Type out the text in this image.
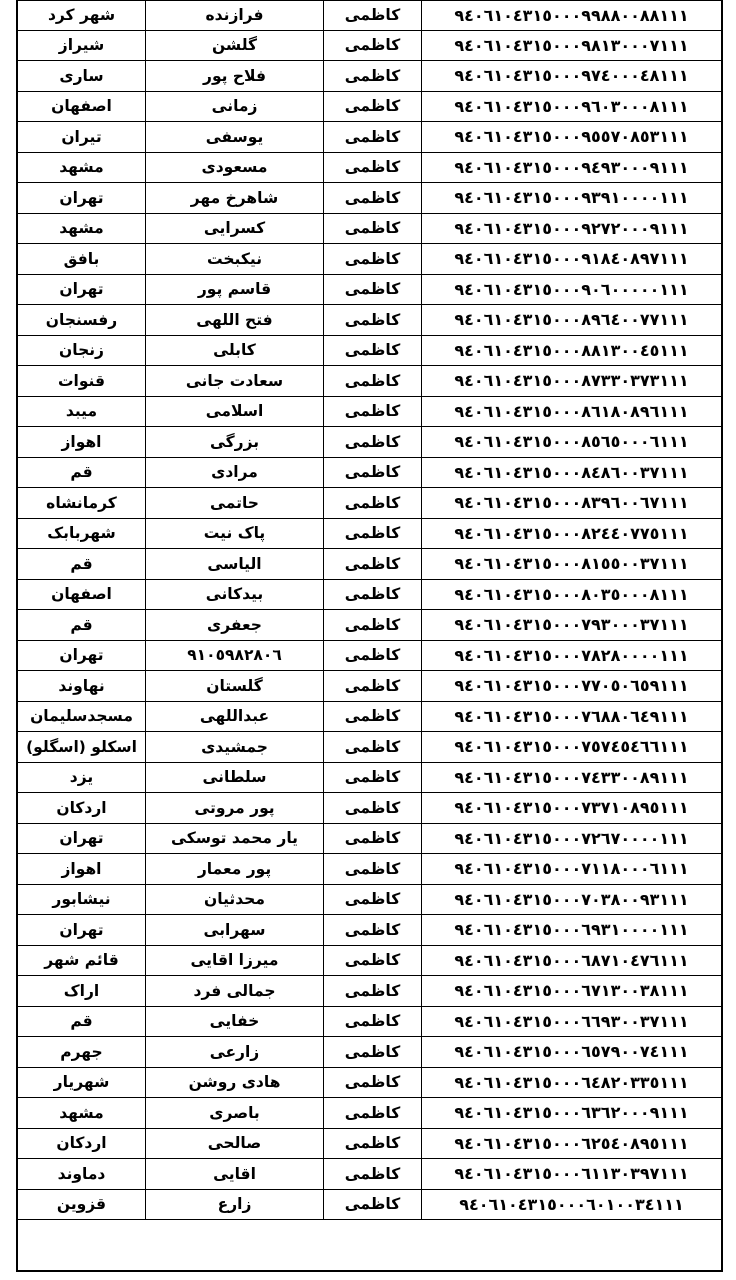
شهر کرد	فرازنده	کاظمی	۹٤۰٦۱۰٤۳۱٥۰۰۰۹۹۸۸۰۰۸۸۱۱۱
شیراز	گلشن	کاظمی	۹٤۰٦۱۰٤۳۱٥۰۰۰۹۸۱۳۰۰۰۷۱۱۱
ساری	فلاح پور	کاظمی	۹٤۰٦۱۰٤۳۱٥۰۰۰۹۷٤۰۰۰٤۸۱۱۱
اصفهان	زمانی	کاظمی	۹٤۰٦۱۰٤۳۱٥۰۰۰۹٦۰۳۰۰۰۸۱۱۱
تیران	یوسفی	کاظمی	۹٤۰٦۱۰٤۳۱٥۰۰۰۹٥٥۷۰۸٥۳۱۱۱
مشهد	مسعودی	کاظمی	۹٤۰٦۱۰٤۳۱٥۰۰۰۹٤۹۳۰۰۰۹۱۱۱
تهران	شاهرخ مهر	کاظمی	۹٤۰٦۱۰٤۳۱٥۰۰۰۹۳۹۱۰۰۰۰۱۱۱
مشهد	کسرایی	کاظمی	۹٤۰٦۱۰٤۳۱٥۰۰۰۹۲۷۲۰۰۰۹۱۱۱
بافق	نیکبخت	کاظمی	۹٤۰٦۱۰٤۳۱٥۰۰۰۹۱۸٤۰۸۹۷۱۱۱
تهران	قاسم پور	کاظمی	۹٤۰٦۱۰٤۳۱٥۰۰۰۹۰٦۰۰۰۰۰۱۱۱
رفسنجان	فتح اللهی	کاظمی	۹٤۰٦۱۰٤۳۱٥۰۰۰۸۹٦٤۰۰۷۷۱۱۱
زنجان	کابلی	کاظمی	۹٤۰٦۱۰٤۳۱٥۰۰۰۸۸۱۳۰۰٤٥۱۱۱
قنوات	سعادت جانی	کاظمی	۹٤۰٦۱۰٤۳۱٥۰۰۰۸۷۳۳۰۳۷۳۱۱۱
میبد	اسلامی	کاظمی	۹٤۰٦۱۰٤۳۱٥۰۰۰۸٦۱۸۰۸۹٦۱۱۱
اهواز	بزرگی	کاظمی	۹٤۰٦۱۰٤۳۱٥۰۰۰۸٥٦٥۰۰۰٦۱۱۱
قم	مرادی	کاظمی	۹٤۰٦۱۰٤۳۱٥۰۰۰۸٤۸٦۰۰۳۷۱۱۱
کرمانشاه	حاتمی	کاظمی	۹٤۰٦۱۰٤۳۱٥۰۰۰۸۳۹٦۰۰٦۷۱۱۱
شهربابک	پاک نیت	کاظمی	۹٤۰٦۱۰٤۳۱٥۰۰۰۸۲٤٤۰۷۷٥۱۱۱
قم	الیاسی	کاظمی	۹٤۰٦۱۰٤۳۱٥۰۰۰۸۱٥٥۰۰۳۷۱۱۱
اصفهان	بیدکانی	کاظمی	۹٤۰٦۱۰٤۳۱٥۰۰۰۸۰۳٥۰۰۰۸۱۱۱
قم	جعفری	کاظمی	۹٤۰٦۱۰٤۳۱٥۰۰۰۷۹۳۰۰۰۳۷۱۱۱
تهران	۹۱۰٥۹۸۲۸۰٦	کاظمی	۹٤۰٦۱۰٤۳۱٥۰۰۰۷۸۲۸۰۰۰۰۱۱۱
نهاوند	گلستان	کاظمی	۹٤۰٦۱۰٤۳۱٥۰۰۰۷۷۰٥۰٦٥۹۱۱۱
مسجدسلیمان	عبداللهی	کاظمی	۹٤۰٦۱۰٤۳۱٥۰۰۰۷٦۸۸۰٦٤۹۱۱۱
اسکلو (اسگلو)	جمشیدی	کاظمی	۹٤۰٦۱۰٤۳۱٥۰۰۰۷٥۷٤٥٤٦٦۱۱۱
یزد	سلطانی	کاظمی	۹٤۰٦۱۰٤۳۱٥۰۰۰۷٤۳۳۰۰۸۹۱۱۱
اردکان	پور مروتی	کاظمی	۹٤۰٦۱۰٤۳۱٥۰۰۰۷۳۷۱۰۸۹٥۱۱۱
تهران	یار محمد توسکی	کاظمی	۹٤۰٦۱۰٤۳۱٥۰۰۰۷۲٦۷۰۰۰۰۱۱۱
اهواز	پور معمار	کاظمی	۹٤۰٦۱۰٤۳۱٥۰۰۰۷۱۱۸۰۰۰٦۱۱۱
نیشابور	محدثیان	کاظمی	۹٤۰٦۱۰٤۳۱٥۰۰۰۷۰۳۸۰۰۹۳۱۱۱
تهران	سهرابی	کاظمی	۹٤۰٦۱۰٤۳۱٥۰۰۰٦۹۳۱۰۰۰۰۱۱۱
قائم شهر	میرزا اقایی	کاظمی	۹٤۰٦۱۰٤۳۱٥۰۰۰٦۸۷۱۰٤۷٦۱۱۱
اراک	جمالی فرد	کاظمی	۹٤۰٦۱۰٤۳۱٥۰۰۰٦۷۱۳۰۰۳۸۱۱۱
قم	خفایی	کاظمی	۹٤۰٦۱۰٤۳۱٥۰۰۰٦٦۹۳۰۰۳۷۱۱۱
جهرم	زارعی	کاظمی	۹٤۰٦۱۰٤۳۱٥۰۰۰٦٥۷۹۰۰۷٤۱۱۱
شهریار	هادی روشن	کاظمی	۹٤۰٦۱۰٤۳۱٥۰۰۰٦٤۸۲۰۳۳٥۱۱۱
مشهد	باصری	کاظمی	۹٤۰٦۱۰٤۳۱٥۰۰۰٦۳٦۲۰۰۰۹۱۱۱
اردکان	صالحی	کاظمی	۹٤۰٦۱۰٤۳۱٥۰۰۰٦۲٥٤۰۸۹٥۱۱۱
دماوند	اقایی	کاظمی	۹٤۰٦۱۰٤۳۱٥۰۰۰٦۱۱۳۰۳۹۷۱۱۱
قزوین	زارع	کاظمی	۹٤۰٦۱۰٤۳۱٥۰۰۰٦۰۱۰۰۳٤۱۱۱
